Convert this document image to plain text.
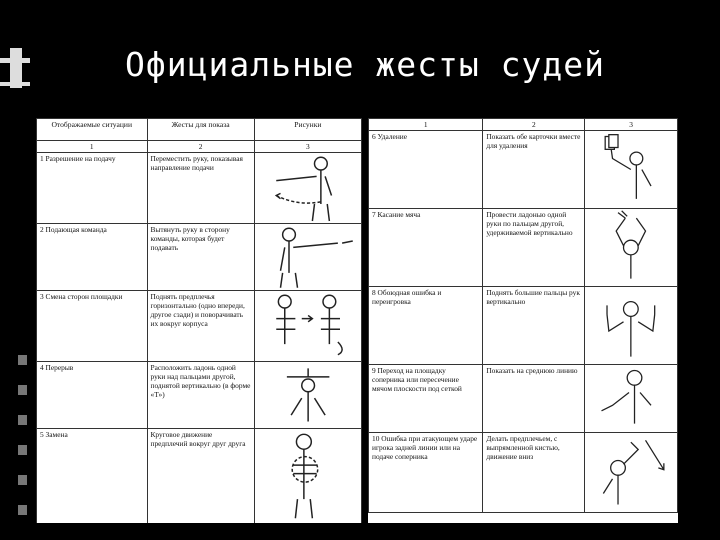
Официальные жесты судей
Отображаемые ситуации	Жесты для показа	Рисунки
1	2	3
1 Разрешение на подачу	Переместить руку, показывая направление подачи	

2 Подающая команда	Вытянуть руку в сторону команды, которая будет подавать	

3 Смена сторон площадки	Поднять предплечья горизонтально (одно впереди, другое сзади) и поворачивать их вокруг корпуса	

4 Перерыв	Расположить ладонь одной руки над пальцами другой, поднятой вертикально (в форме «Т»)	

5 Замена	Круговое движение предплечий вокруг друг друга	
1	2	3
6 Удаление	Показать обе карточки вместе для удаления	

7 Касание мяча	Провести ладонью одной руки по пальцам другой, удерживаемой вертикально	

8 Обоюдная ошибка и переигровка	Поднять большие пальцы рук вертикально	

9 Переход на площадку соперника или пересечение мячом плоскости под сеткой	Показать на среднюю линию	

10 Ошибка при атакующем ударе игрока задней линии или на подаче соперника	Делать предплечьем, с выпрямленной кистью, движение вниз	
